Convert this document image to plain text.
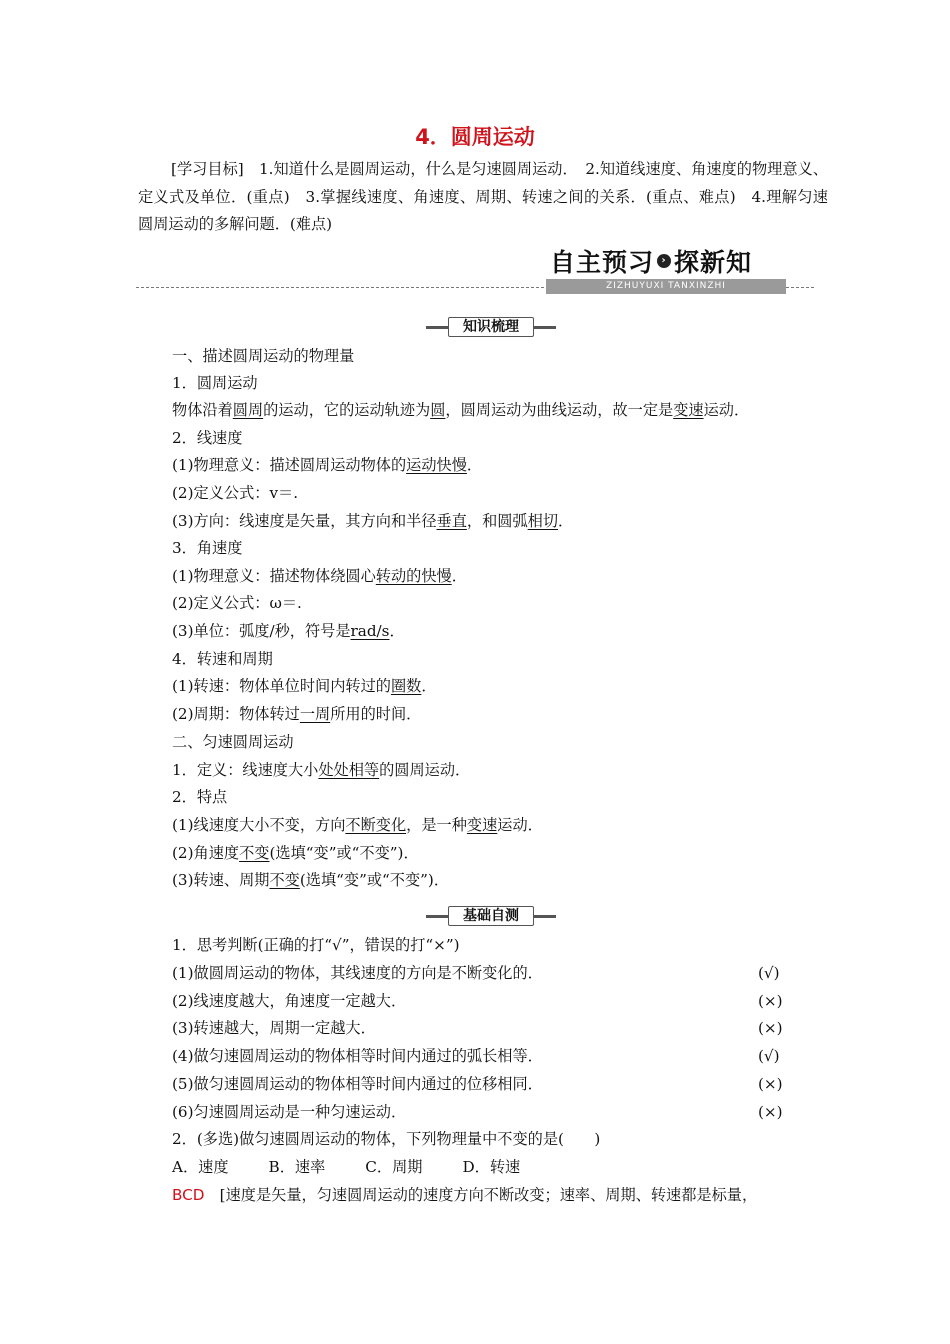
4．圆周运动
[学习目标]　1.知道什么是圆周运动，什么是匀速圆周运动．　2.知道线速度、角速度的物理意义、定义式及单位．(重点)　3.掌握线速度、角速度、周期、转速之间的关系．(重点、难点)　4.理解匀速圆周运动的多解问题．(难点)
自主预习 › 探新知
ZIZHUYUXI TANXINZHI
知识梳理
一、描述圆周运动的物理量
1．圆周运动
物体沿着圆周的运动，它的运动轨迹为圆，圆周运动为曲线运动，故一定是变速运动．
2．线速度
(1)物理意义：描述圆周运动物体的运动快慢．
(2)定义公式：v＝.
(3)方向：线速度是矢量，其方向和半径垂直，和圆弧相切．
3．角速度
(1)物理意义：描述物体绕圆心转动的快慢．
(2)定义公式：ω＝.
(3)单位：弧度/秒，符号是rad/s．
4．转速和周期
(1)转速：物体单位时间内转过的圈数．
(2)周期：物体转过一周所用的时间．
二、匀速圆周运动
1．定义：线速度大小处处相等的圆周运动．
2．特点
(1)线速度大小不变，方向不断变化，是一种变速运动．
(2)角速度不变(选填“变”或“不变”)．
(3)转速、周期不变(选填“变”或“不变”)．
基础自测
1．思考判断(正确的打“√”，错误的打“×”)
(1)做圆周运动的物体，其线速度的方向是不断变化的．	(√)
(2)线速度越大，角速度一定越大．	(×)
(3)转速越大，周期一定越大．	(×)
(4)做匀速圆周运动的物体相等时间内通过的弧长相等．	(√)
(5)做匀速圆周运动的物体相等时间内通过的位移相同．	(×)
(6)匀速圆周运动是一种匀速运动．	(×)
2．(多选)做匀速圆周运动的物体，下列物理量中不变的是(　　)
A．速度	B．速率	C．周期	D．转速
BCD　 [速度是矢量，匀速圆周运动的速度方向不断改变；速率、周期、转速都是标量，
